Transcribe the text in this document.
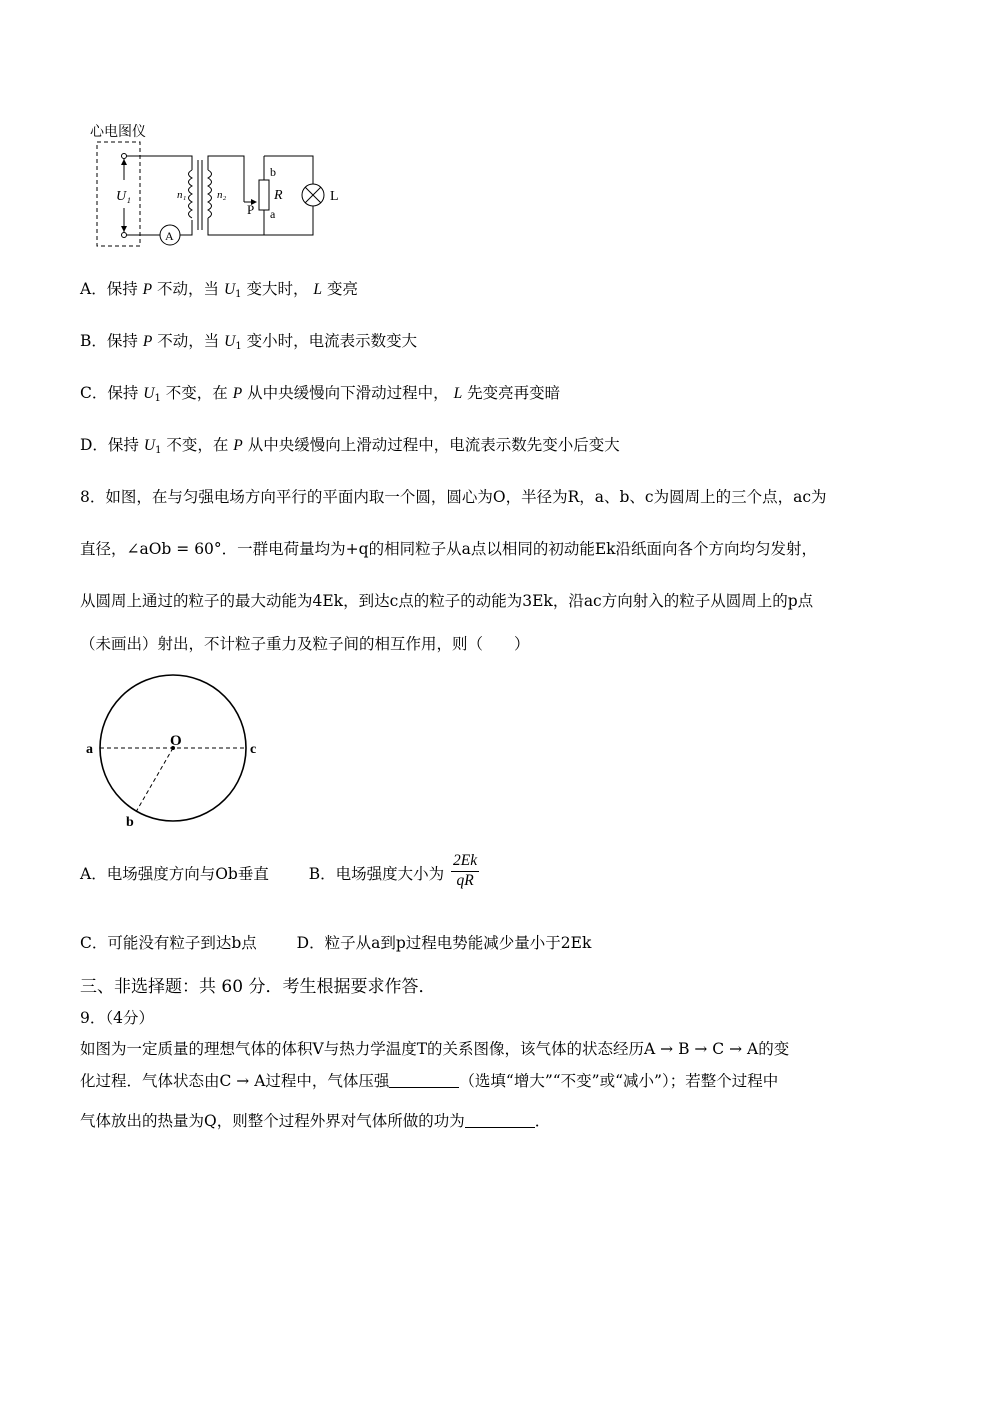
心电图仪
U₁
A
n₁	n₂
P
b
R
a
L
A．保持 P 不动，当 $U_1$ 变大时， L 变亮
B．保持 P 不动，当 $U_1$ 变小时，电流表示数变大
C．保持 $U_1$ 不变，在 P 从中央缓慢向下滑动过程中， L 先变亮再变暗
D．保持 $U_1$ 不变，在 P 从中央缓慢向上滑动过程中，电流表示数先变小后变大
8．如图，在与匀强电场方向平行的平面内取一个圆，圆心为O，半径为R，a、b、c为圆周上的三个点，ac为
直径，∠aOb = 60°．一群电荷量均为+q的相同粒子从a点以相同的初动能Ek沿纸面向各个方向均匀发射，
从圆周上通过的粒子的最大动能为4Ek，到达c点的粒子的动能为3Ek，沿ac方向射入的粒子从圆周上的p点
（未画出）射出，不计粒子重力及粒子间的相互作用，则（　　）
O
a	c
b
A．电场强度方向与Ob垂直	B．电场强度大小为 $\frac{2Ek}{qR}$
C．可能没有粒子到达b点	D．粒子从a到p过程电势能减少量小于2Ek
三、非选择题：共 60 分．考生根据要求作答．
9．（4分）
如图为一定质量的理想气体的体积V与热力学温度T的关系图像，该气体的状态经历A → B → C → A的变
化过程．气体状态由C → A过程中，气体压强	（选填“增大”“不变”或“减小”）；若整个过程中
气体放出的热量为Q，则整个过程外界对气体所做的功为	．
